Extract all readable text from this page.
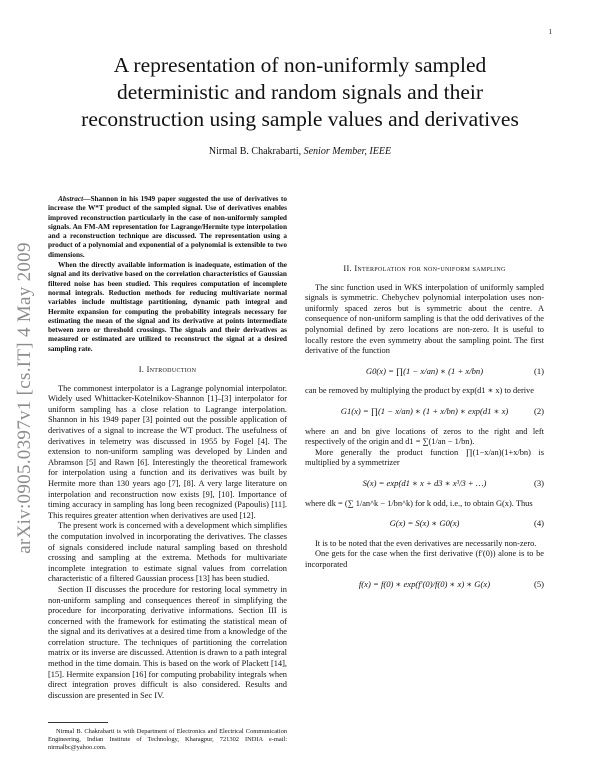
1
arXiv:0905.0397v1 [cs.IT] 4 May 2009
A representation of non-uniformly sampled deterministic and random signals and their reconstruction using sample values and derivatives
Nirmal B. Chakrabarti, Senior Member, IEEE

Abstract—Shannon in his 1949 paper suggested the use of derivatives to increase the W*T product of the sampled signal. Use of derivatives enables improved reconstruction particularly in the case of non-uniformly sampled signals. An FM-AM representation for Lagrange/Hermite type interpolation and a reconstruction technique are discussed. The representation using a product of a polynomial and exponential of a polynomial is extensible to two dimensions.

When the directly available information is inadequate, estimation of the signal and its derivative based on the correlation characteristics of Gaussian filtered noise has been studied. This requires computation of incomplete normal integrals. Reduction methods for reducing multivariate normal variables include multistage partitioning, dynamic path integral and Hermite expansion for computing the probability integrals necessary for estimating the mean of the signal and its derivative at points intermediate between zero or threshold crossings. The signals and their derivatives as measured or estimated are utilized to reconstruct the signal at a desired sampling rate.

I. Introduction

The commonest interpolator is a Lagrange polynomial interpolator. Widely used Whittacker-Kotelnikov-Shannon [1]–[3] interpolator for uniform sampling has a close relation to Lagrange interpolation. Shannon in his 1949 paper [3] pointed out the possible application of derivatives of a signal to increase the WT product. The usefulness of derivatives in telemetry was discussed in 1955 by Fogel [4]. The extension to non-uniform sampling was developed by Linden and Abramson [5] and Rawn [6]. Interestingly the theoretical framework for interpolation using a function and its derivatives was built by Hermite more than 130 years ago [7], [8]. A very large literature on interpolation and reconstruction now exists [9], [10]. Importance of timing accuracy in sampling has long been recognized (Papoulis) [11]. This requires greater attention when derivatives are used [12].

The present work is concerned with a development which simplifies the computation involved in incorporating the derivatives. The classes of signals considered include natural sampling based on threshold crossing and sampling at the extrema. Methods for multivariate incomplete integration to estimate signal values from correlation characteristic of a filtered Gaussian process [13] has been studied.

Section II discusses the procedure for restoring local symmetry in non-uniform sampling and consequences thereof in simplifying the procedure for incorporating derivative informations. Section III is concerned with the framework for estimating the statistical mean of the signal and its derivatives at a desired time from a knowledge of the correlation structure. The techniques of partitioning the correlation matrix or its inverse are discussed. Attention is drawn to a path integral method in the time domain. This is based on the work of Plackett [14], [15]. Hermite expansion [16] for computing probability integrals when direct integration proves difficult is also considered. Results and discussion are presented in Sec IV.

Nirmal B. Chakrabarti is with Department of Electronics and Electrical Communication Engineering, Indian Institute of Technology, Kharagpur, 721302 INDIA e-mail: nirmalbc@yahoo.com.

II. Interpolation for non-uniform sampling

The sinc function used in WKS interpolation of uniformly sampled signals is symmetric. Chebychev polynomial interpolation uses non-uniformly spaced zeros but is symmetric about the centre. A consequence of non-uniform sampling is that the odd derivatives of the polynomial defined by zero locations are non-zero. It is useful to locally restore the even symmetry about the sampling point. The first derivative of the function

G0(x) = ∏(1 − x/an) ∗ (1 + x/bn)	(1)

can be removed by multiplying the product by exp(d1 ∗ x) to derive

G1(x) = ∏(1 − x/an) ∗ (1 + x/bn) ∗ exp(d1 ∗ x)	(2)

where an and bn give locations of zeros to the right and left respectively of the origin and d1 = ∑(1/an − 1/bn).

More generally the product function ∏(1−x/an)(1+x/bn) is multiplied by a symmetrizer

S(x) = exp(d1 ∗ x + d3 ∗ x³/3 + …)	(3)

where dk = (∑ 1/an^k − 1/bn^k) for k odd, i.e., to obtain G(x). Thus

G(x) = S(x) ∗ G0(x)	(4)

It is to be noted that the even derivatives are necessarily non-zero.

One gets for the case when the first derivative (f′(0)) alone is to be incorporated

f(x) = f(0) ∗ exp(f′(0)/f(0) ∗ x) ∗ G(x)	(5)
